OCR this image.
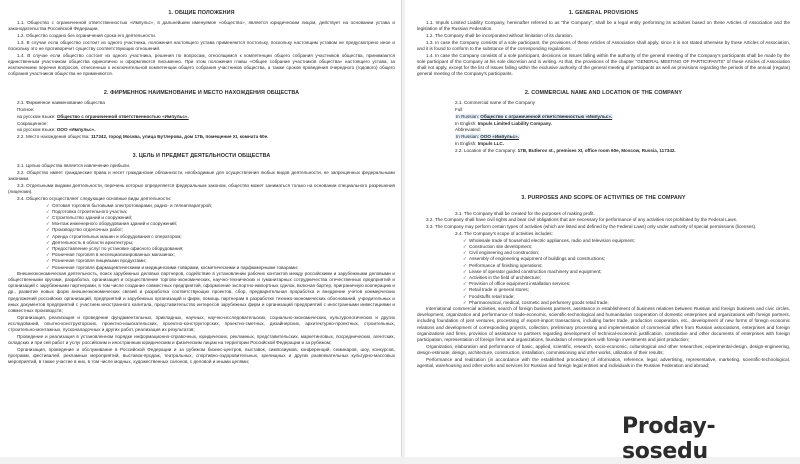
1. ОБЩИЕ ПОЛОЖЕНИЯ
1.1. Общество с ограниченной ответственностью «Импульс», в дальнейшем именуемое «общество», является юридическим лицом, действует на основании устава и законодательства Российской Федерации.
1.2. Общество создано без ограничения срока его деятельности.
1.3. В случае если общество состоит из одного участника, положения настоящего устава применяются постольку, поскольку настоящим уставом не предусмотрено иное и поскольку это не противоречит существу соответствующих отношений.
1.4. В случае если общество состоит из одного участника, решения по вопросам, относящимся к компетенции общего собрания участников общества, принимаются единственным участником общества единолично и оформляются письменно. При этом положения главы «Общее собрание участников общества» настоящего устава, за исключением перечня вопросов, отнесенных к исключительной компетенции общего собрания участников общества, а также сроков проведения очередного (годового) общего собрания участников общества не применяются.
2. ФИРМЕННОЕ НАИМЕНОВАНИЕ И МЕСТО НАХОЖДЕНИЯ ОБЩЕСТВА
2.1. Фирменное наименование общества
Полное:
на русском языке: Общество с ограниченной ответственностью «Импульс».
Сокращенное:
на русском языке: ООО «Импульс».
2.2. Место нахождения общества: 117342, город Москва, улица Бутлерова, дом 17Б, помещение XI, комната 60е.
3. ЦЕЛЬ И ПРЕДМЕТ ДЕЯТЕЛЬНОСТИ ОБЩЕСТВА
3.1. Целью общества является извлечение прибыли.
3.2. Общество имеет гражданские права и несет гражданские обязанности, необходимые для осуществления любых видов деятельности, не запрещенных федеральными законами.
3.3. Отдельными видами деятельности, перечень которых определяется федеральным законом, общество может заниматься только на основании специального разрешения (лицензии).
3.4. Общество осуществляет следующие основные виды деятельности:
✓ Оптовая торговля бытовыми электротоварами, радио- и телеаппаратурой;
✓ Подготовка строительного участка;
✓ Строительство зданий и сооружений;
✓ Монтаж инженерного оборудования зданий и сооружений;
✓ Производство отделочных работ;
✓ Аренда строительных машин и оборудования с оператором;
✓ Деятельность в области архитектуры;
✓ Предоставление услуг по установке офисного оборудования;
✓ Розничная торговля в неспециализированных магазинах;
✓ Розничная торговля пищевыми продуктами;
✓ Розничная торговля фармацевтическими и медицинскими товарами, косметическими и парфюмерными товарами;
Внешнеэкономическая деятельность, поиск зарубежных деловых партнеров, содействие в установлении рабочих контактов между российскими и зарубежными деловыми и общественными кругами, разработка, организация и осуществление торгово-экономических, научно-технических и гуманитарных сотрудничества отечественных предприятий и организаций с зарубежными партнерами, в том числе создание совместных предприятий, оформление экспортно-импортных сделок, включая бартер, приграничную кооперацию и др., развитие новых форм внешнеэкономических связей и разработка соответствующих проектов, сбор, предварительная проработка и внедрение учетов коммерческих предложений российских организаций, предприятий и зарубежных организаций и фирм, помощь партнерам в разработке технико-экономических обоснований, учредительных и иных документов предприятий с участием иностранного капитала, представительство интересов зарубежных фирм и организаций предприятий с иностранными инвестициями и совместных производств;
Организация, реализация и проведение фундаментальных, прикладных, научных, научно-исследовательских, социально-экономических, культурологических и других исследований, опытно-конструкторских, проектно-изыскательских, проектно-конструкторских, проектно-сметных, дизайнерских, архитектурно-проектных, строительных, строительно-монтажных, пусконаладочных и других работ, реализация их результатов;
Проведение и реализация в установленном порядке информационно-справочных, юридических, рекламных, представительских, маркетинговых, посреднических, агентских, складских и при сей работ и услуг российским и иностранным юридическим и физическим лицам на территории Российской Федерации и за рубежом;
Организация, проведение и обслуживание в Российской Федерации и за рубежом бизнес-центров, выставок, симпозиумов, конференций, семинаров, шоу, конкурсов, программ, фестивалей, рекламных мероприятий, выставок-продаж, театральных, спортивно-оздоровительных, зрелищных и других развлекательных культурно-массовых мероприятий, в также участие в них, в том числе модных, художественных салонов, с деловой и иными целями;
1. GENERAL PROVISIONS
1.1. Impuls Limited Liability Company, hereinafter referred to as "the Company", shall be a legal entity performing its activities based on these Articles of Association and the legislation of the Russian Federation.
1.2. The Company shall be incorporated without limitation of its duration.
1.3. In case the Company consists of a sole participant, the provisions of these Articles of Association shall apply, since it is not stated otherwise by these Articles of Association, and it is found to conform to the substance of the corresponding regulations.
1.4. In case the Company consists of a sole participant, decisions on issues falling within the authority of the general meeting of the Company's participants shall be made by the sole participant of the Company at his sole discretion and in writing. At that, the provisions of the chapter "GENERAL MEETING OF PARTICIPANTS" of these Articles of Association shall not apply, except for the list of issues falling within the exclusive authority of the general meeting of participants as well as provisions regarding the periods of the annual (regular) general meeting of the Company's participants.
2. COMMERCIAL NAME AND LOCATION OF THE COMPANY
2.1. Commercial name of the Company
Full
In Russian: Общество с ограниченной ответственностью «Импульс».
In English: Impuls Limited Liability Company.
Abbreviated:
In Russian: ООО «Импульс».
In English: Impuls LLC.
2.2. Location of the Company: 17B, Butlerov st., premises XI, office room 60e, Moscow, Russia, 117342.
3. PURPOSES AND SCOPE OF ACTIVITIES OF THE COMPANY
3.1. The Company shall be created for the purposes of making profit.
3.2. The Company shall have civil rights and bear civil obligations that are necessary for performance of any activities not prohibited by the Federal Laws.
3.3. The Company may perform certain types of activities (which are listed and defined by the Federal Laws) only under authority of special permissions (licenses).
3.4. The Company's scope of activities includes:
✓ Wholesale trade of household electric appliances, radio and television equipment;
✓ Construction site development;
✓ Civil engineering and construction;
✓ Assembly of engineering equipment of buildings and constructions;
✓ Performance of finishing operations;
✓ Lease of operator guided construction machinery and equipment;
✓ Activities in the field of architecture;
✓ Provision of office equipment installation services;
✓ Retail trade in general stores;
✓ Foodstuffs retail trade;
✓ Pharmaceutical, medical, cosmetic and perfumery goods retail trade;
International commercial activities, search of foreign business partners, assistance in establishment of business relations between Russian and foreign business and civic circles, development, organization and performance of trade-economic, scientific-technological and humanitarian cooperation of domestic enterprises and organizations with foreign partners, including foundation of joint ventures, processing of export-import transactions, including barter trade, production cooperation, etc., development of new forms of foreign economic relations and development of corresponding projects, collection, preliminary processing and implementation of commercial offers from Russian associations, enterprises and foreign organizations and firms, provision of assistance to partners regarding development of technical-economic justification, constitutive and other documents of enterprises with foreign participation, representation of foreign firms and organizations, foundation of enterprises with foreign investments and joint production;
Organization, elaboration and performance of basic, applied, scientific, research, socio-economic, culturological and other researches, experimental-design, design-engineering, design-estimate, design, architecture, construction, installation, commissioning and other works, utilization of their results;
Performance and realization (in accordance with the established procedure) of information, reference, legal, advertising, representative, marketing, scientific-technological, agential, warehousing and other works and services for Russian and foreign legal entities and individuals in the Russian Federation and abroad;
Proday-sosedu
